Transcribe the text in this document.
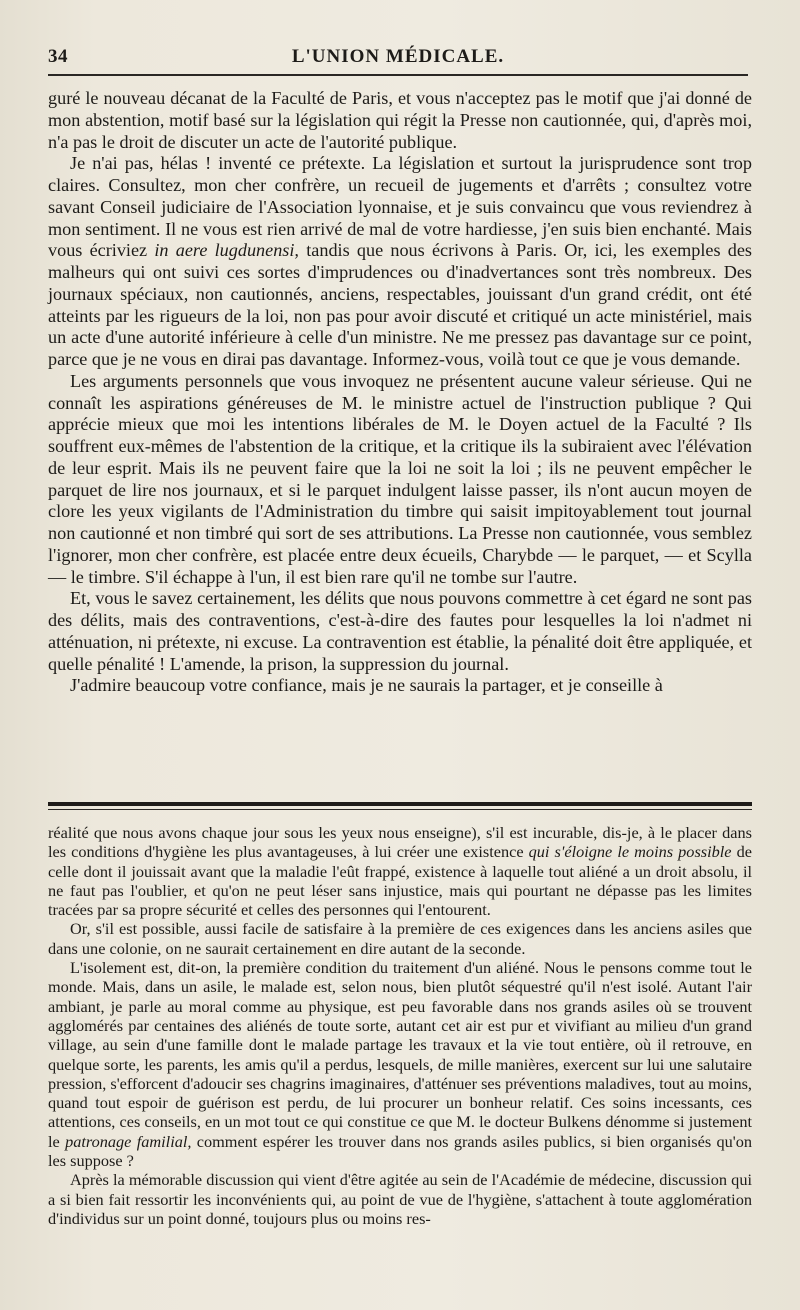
34	L'UNION MÉDICALE.

guré le nouveau décanat de la Faculté de Paris, et vous n'acceptez pas le motif que j'ai donné de mon abstention, motif basé sur la législation qui régit la Presse non cautionnée, qui, d'après moi, n'a pas le droit de discuter un acte de l'autorité publique.

Je n'ai pas, hélas ! inventé ce prétexte. La législation et surtout la jurisprudence sont trop claires. Consultez, mon cher confrère, un recueil de jugements et d'arrêts ; consultez votre savant Conseil judiciaire de l'Association lyonnaise, et je suis convaincu que vous reviendrez à mon sentiment. Il ne vous est rien arrivé de mal de votre hardiesse, j'en suis bien enchanté. Mais vous écriviez in aere lugdunensi, tandis que nous écrivons à Paris. Or, ici, les exemples des malheurs qui ont suivi ces sortes d'imprudences ou d'inadvertances sont très nombreux. Des journaux spéciaux, non cautionnés, anciens, respectables, jouissant d'un grand crédit, ont été atteints par les rigueurs de la loi, non pas pour avoir discuté et critiqué un acte ministériel, mais un acte d'une autorité inférieure à celle d'un ministre. Ne me pressez pas davantage sur ce point, parce que je ne vous en dirai pas davantage. Informez-vous, voilà tout ce que je vous demande.

Les arguments personnels que vous invoquez ne présentent aucune valeur sérieuse. Qui ne connaît les aspirations généreuses de M. le ministre actuel de l'instruction publique ? Qui apprécie mieux que moi les intentions libérales de M. le Doyen actuel de la Faculté ? Ils souffrent eux-mêmes de l'abstention de la critique, et la critique ils la subiraient avec l'élévation de leur esprit. Mais ils ne peuvent faire que la loi ne soit la loi ; ils ne peuvent empêcher le parquet de lire nos journaux, et si le parquet indulgent laisse passer, ils n'ont aucun moyen de clore les yeux vigilants de l'Administration du timbre qui saisit impitoyablement tout journal non cautionné et non timbré qui sort de ses attributions. La Presse non cautionnée, vous semblez l'ignorer, mon cher confrère, est placée entre deux écueils, Charybde — le parquet, — et Scylla — le timbre. S'il échappe à l'un, il est bien rare qu'il ne tombe sur l'autre.

Et, vous le savez certainement, les délits que nous pouvons commettre à cet égard ne sont pas des délits, mais des contraventions, c'est-à-dire des fautes pour lesquelles la loi n'admet ni atténuation, ni prétexte, ni excuse. La contravention est établie, la pénalité doit être appliquée, et quelle pénalité ! L'amende, la prison, la suppression du journal.

J'admire beaucoup votre confiance, mais je ne saurais la partager, et je conseille à

réalité que nous avons chaque jour sous les yeux nous enseigne), s'il est incurable, dis-je, à le placer dans les conditions d'hygiène les plus avantageuses, à lui créer une existence qui s'éloigne le moins possible de celle dont il jouissait avant que la maladie l'eût frappé, existence à laquelle tout aliéné a un droit absolu, il ne faut pas l'oublier, et qu'on ne peut léser sans injustice, mais qui pourtant ne dépasse pas les limites tracées par sa propre sécurité et celles des personnes qui l'entourent.

Or, s'il est possible, aussi facile de satisfaire à la première de ces exigences dans les anciens asiles que dans une colonie, on ne saurait certainement en dire autant de la seconde.

L'isolement est, dit-on, la première condition du traitement d'un aliéné. Nous le pensons comme tout le monde. Mais, dans un asile, le malade est, selon nous, bien plutôt séquestré qu'il n'est isolé. Autant l'air ambiant, je parle au moral comme au physique, est peu favorable dans nos grands asiles où se trouvent agglomérés par centaines des aliénés de toute sorte, autant cet air est pur et vivifiant au milieu d'un grand village, au sein d'une famille dont le malade partage les travaux et la vie tout entière, où il retrouve, en quelque sorte, les parents, les amis qu'il a perdus, lesquels, de mille manières, exercent sur lui une salutaire pression, s'efforcent d'adoucir ses chagrins imaginaires, d'atténuer ses préventions maladives, tout au moins, quand tout espoir de guérison est perdu, de lui procurer un bonheur relatif. Ces soins incessants, ces attentions, ces conseils, en un mot tout ce qui constitue ce que M. le docteur Bulkens dénomme si justement le patronage familial, comment espérer les trouver dans nos grands asiles publics, si bien organisés qu'on les suppose ?

Après la mémorable discussion qui vient d'être agitée au sein de l'Académie de médecine, discussion qui a si bien fait ressortir les inconvénients qui, au point de vue de l'hygiène, s'attachent à toute agglomération d'individus sur un point donné, toujours plus ou moins res-
